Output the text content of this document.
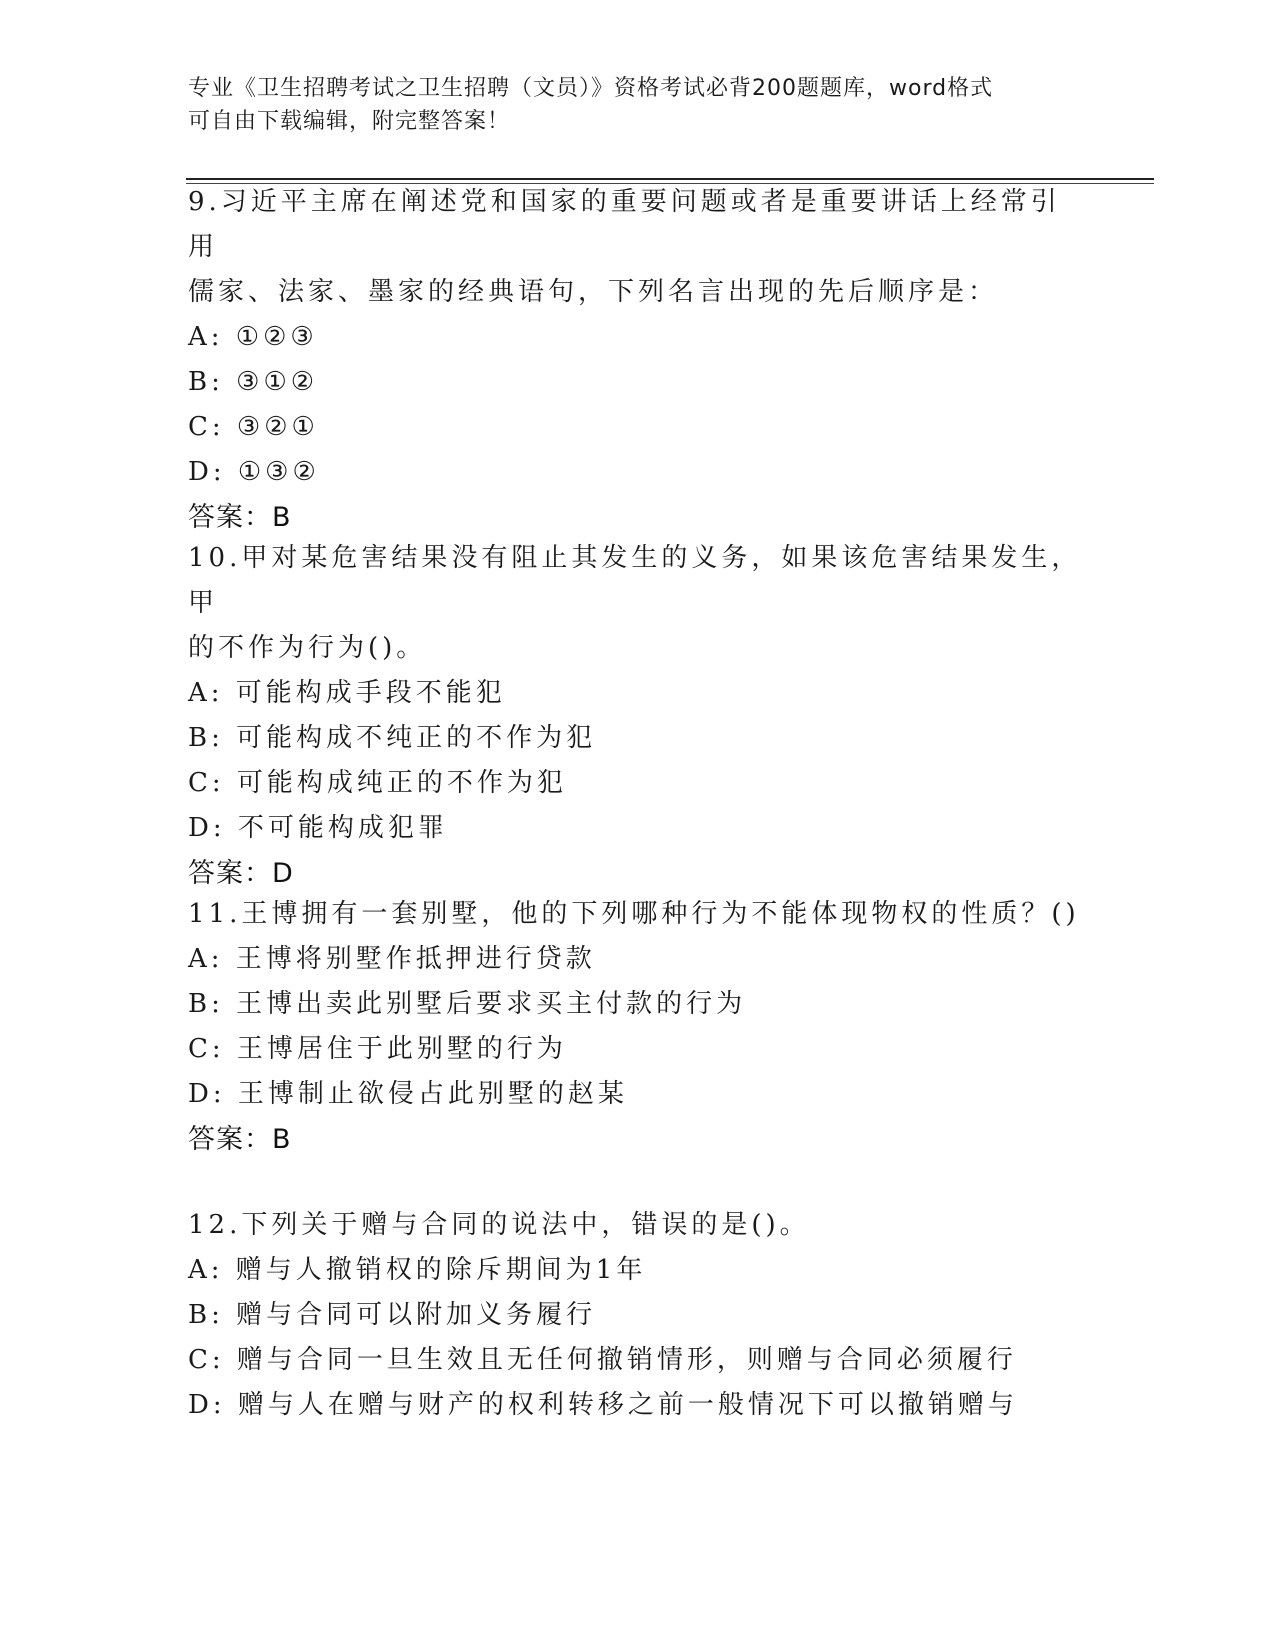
专业《卫生招聘考试之卫生招聘（文员）》资格考试必背200题题库，word格式
可自由下载编辑，附完整答案！

9.习近平主席在阐述党和国家的重要问题或者是重要讲话上经常引用

儒家、法家、墨家的经典语句，下列名言出现的先后顺序是：

A: ①②③

B: ③①②

C: ③②①

D: ①③②

答案：B

10.甲对某危害结果没有阻止其发生的义务，如果该危害结果发生，甲

的不作为行为()。

A: 可能构成手段不能犯

B: 可能构成不纯正的不作为犯

C: 可能构成纯正的不作为犯

D: 不可能构成犯罪

答案：D

11.王博拥有一套别墅，他的下列哪种行为不能体现物权的性质？()

A: 王博将别墅作抵押进行贷款

B: 王博出卖此别墅后要求买主付款的行为

C: 王博居住于此别墅的行为

D: 王博制止欲侵占此别墅的赵某

答案：B

12.下列关于赠与合同的说法中，错误的是()。

A: 赠与人撤销权的除斥期间为1年

B: 赠与合同可以附加义务履行

C: 赠与合同一旦生效且无任何撤销情形，则赠与合同必须履行

D: 赠与人在赠与财产的权利转移之前一般情况下可以撤销赠与
